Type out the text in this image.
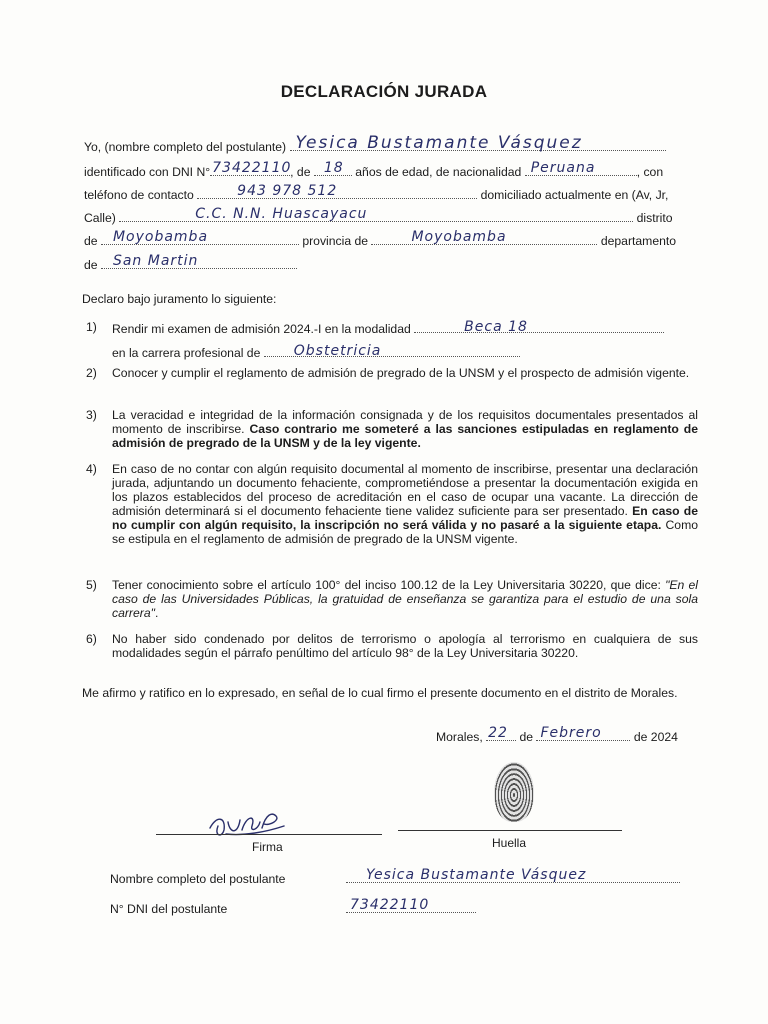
DECLARACIÓN JURADA
Yo, (nombre completo del postulante) Yesica Bustamante Vásquez
identificado con DNI N° 73422110
, de 18 años de edad, de nacionalidad Peruana	, con
teléfono de contacto	943 978 512	domiciliado actualmente en (Av, Jr,
Calle)	C.C. N.N. Huascayacu	distrito
de Moyobamba	provincia de	Moyobamba	departamento
de San Martin
Declaro bajo juramento lo siguiente:
1) Rendir mi examen de admisión 2024.-I en la modalidad	Beca 18
en la carrera profesional de Obstetricia
2) Conocer y cumplir el reglamento de admisión de pregrado de la UNSM y el prospecto de admisión vigente.
3) La veracidad e integridad de la información consignada y de los requisitos documentales presentados al momento de inscribirse. Caso contrario me someteré a las sanciones estipuladas en reglamento de admisión de pregrado de la UNSM y de la ley vigente.
4) En caso de no contar con algún requisito documental al momento de inscribirse, presentar una declaración jurada, adjuntando un documento fehaciente, comprometiéndose a presentar la documentación exigida en los plazos establecidos del proceso de acreditación en el caso de ocupar una vacante. La dirección de admisión determinará si el documento fehaciente tiene validez suficiente para ser presentado. En caso de no cumplir con algún requisito, la inscripción no será válida y no pasaré a la siguiente etapa. Como se estipula en el reglamento de admisión de pregrado de la UNSM vigente.
5) Tener conocimiento sobre el artículo 100° del inciso 100.12 de la Ley Universitaria 30220, que dice: "En el caso de las Universidades Públicas, la gratuidad de enseñanza se garantiza para el estudio de una sola carrera".
6) No haber sido condenado por delitos de terrorismo o apología al terrorismo en cualquiera de sus modalidades según el párrafo penúltimo del artículo 98° de la Ley Universitaria 30220.
Me afirmo y ratifico en lo expresado, en señal de lo cual firmo el presente documento en el distrito de Morales.
Morales, 22 de Febrero	de 2024
Firma	Huella
Nombre completo del postulante	Yesica Bustamante Vásquez
N° DNI del postulante	73422110
